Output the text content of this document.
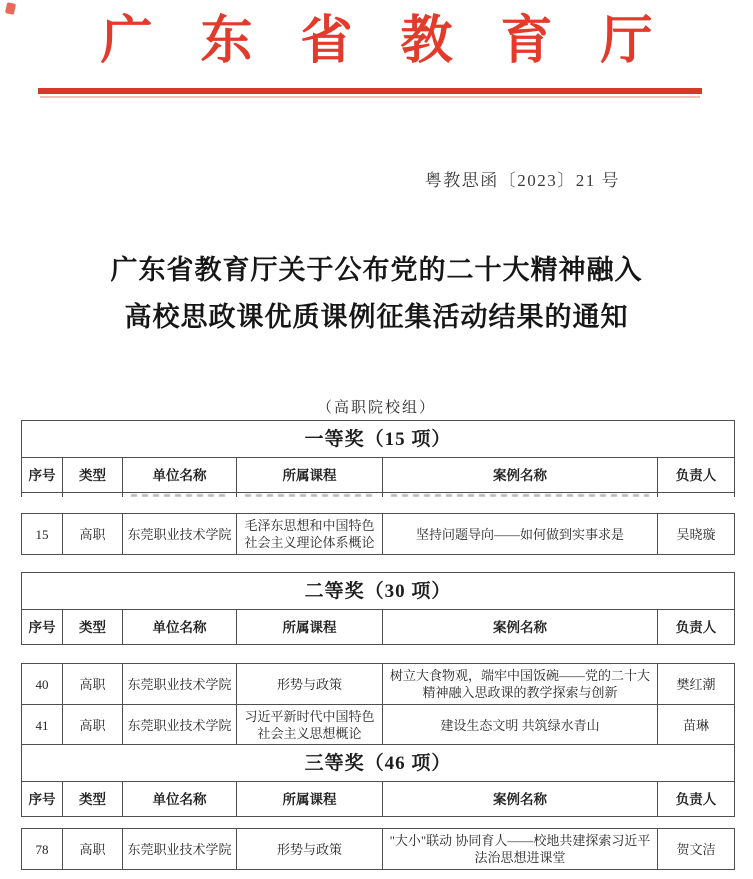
广东省教育厅
粤教思函〔2023〕21 号
广东省教育厅关于公布党的二十大精神融入
高校思政课优质课例征集活动结果的通知
（高职院校组）
一等奖（15 项）					
序号	类型	单位名称	所属课程	案例名称	负责人

15	高职	东莞职业技术学院	毛泽东思想和中国特色社会主义理论体系概论	坚持问题导向——如何做到实事求是	吴晓璇
二等奖（30 项）
序号	类型	单位名称	所属课程	案例名称	负责人
40	高职	东莞职业技术学院	形势与政策	树立大食物观，端牢中国饭碗——党的二十大精神融入思政课的教学探索与创新	樊红潮
41	高职	东莞职业技术学院	习近平新时代中国特色社会主义思想概论	建设生态文明 共筑绿水青山	苗琳

三等奖（46 项）
序号	类型	单位名称	所属课程	案例名称	负责人
78	高职	东莞职业技术学院	形势与政策	"大小"联动 协同育人——校地共建探索习近平法治思想进课堂	贺文洁
